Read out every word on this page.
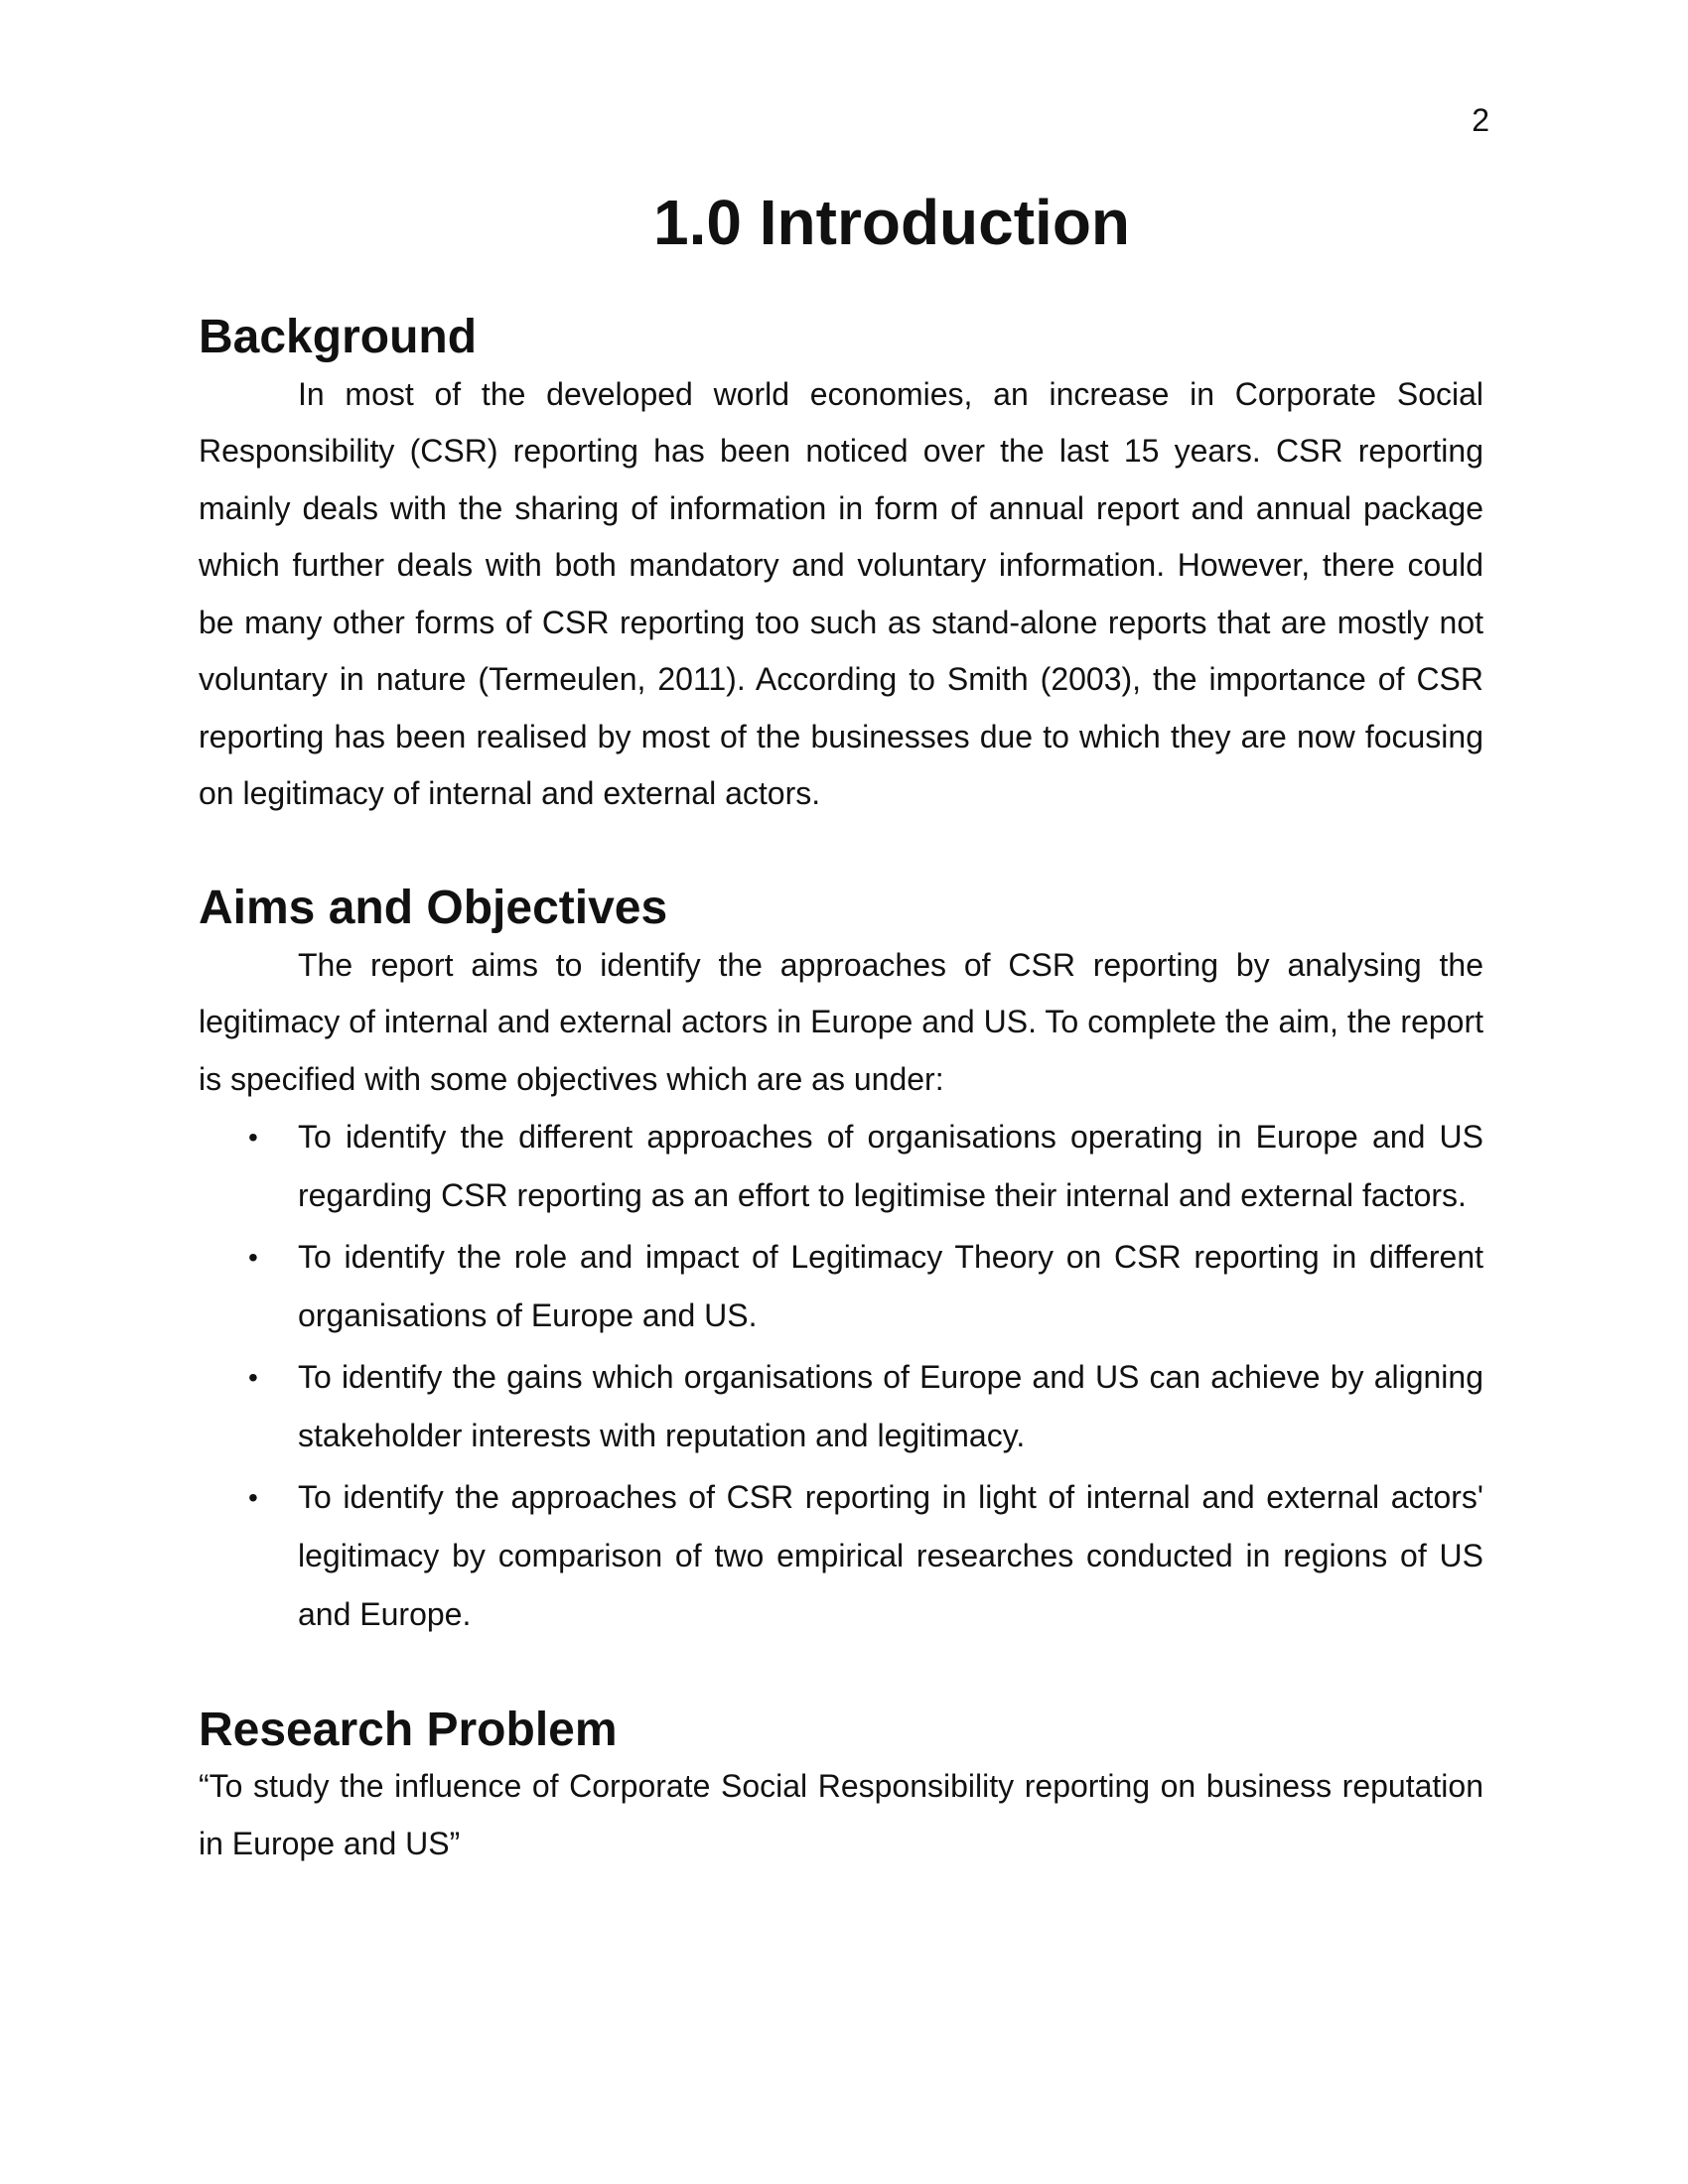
2
1.0 Introduction
Background

In most of the developed world economies, an increase in Corporate Social Responsibility (CSR) reporting has been noticed over the last 15 years. CSR reporting mainly deals with the sharing of information in form of annual report and annual package which further deals with both mandatory and voluntary information. However, there could be many other forms of CSR reporting too such as stand-alone reports that are mostly not voluntary in nature (Termeulen, 2011). According to Smith (2003), the importance of CSR reporting has been realised by most of the businesses due to which they are now focusing on legitimacy of internal and external actors.

Aims and Objectives

The report aims to identify the approaches of CSR reporting by analysing the legitimacy of internal and external actors in Europe and US. To complete the aim, the report is specified with some objectives which are as under:

• To identify the different approaches of organisations operating in Europe and US regarding CSR reporting as an effort to legitimise their internal and external factors.
• To identify the role and impact of Legitimacy Theory on CSR reporting in different organisations of Europe and US.
• To identify the gains which organisations of Europe and US can achieve by aligning stakeholder interests with reputation and legitimacy.
• To identify the approaches of CSR reporting in light of internal and external actors' legitimacy by comparison of two empirical researches conducted in regions of US and Europe.
Research Problem

“To study the influence of Corporate Social Responsibility reporting on business reputation in Europe and US”
